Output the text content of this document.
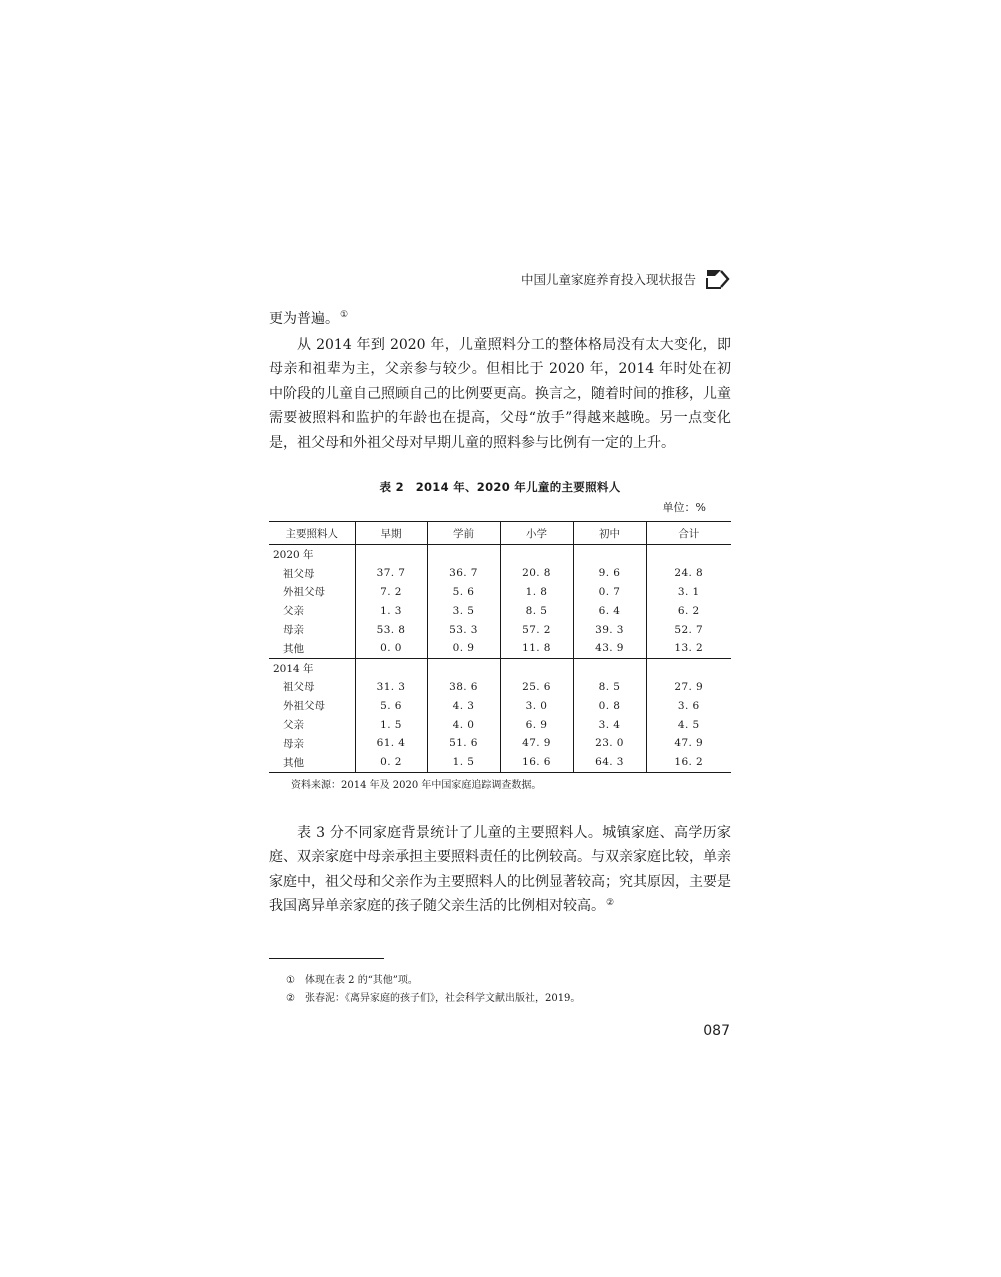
中国儿童家庭养育投入现状报告

更为普遍。①

从 2014 年到 2020 年，儿童照料分工的整体格局没有太大变化，即母亲和祖辈为主，父亲参与较少。但相比于 2020 年，2014 年时处在初中阶段的儿童自己照顾自己的比例要更高。换言之，随着时间的推移，儿童需要被照料和监护的年龄也在提高，父母“放手”得越来越晚。另一点变化是，祖父母和外祖父母对早期儿童的照料参与比例有一定的上升。

表 2　2014 年、2020 年儿童的主要照料人
单位：%
主要照料人	早期	学前	小学	初中	合计
2020 年					
祖父母	37. 7	36. 7	20. 8	9. 6	24. 8
外祖父母	7. 2	5. 6	1. 8	0. 7	3. 1
父亲	1. 3	3. 5	8. 5	6. 4	6. 2
母亲	53. 8	53. 3	57. 2	39. 3	52. 7
其他	0. 0	0. 9	11. 8	43. 9	13. 2
2014 年					
祖父母	31. 3	38. 6	25. 6	8. 5	27. 9
外祖父母	5. 6	4. 3	3. 0	0. 8	3. 6
父亲	1. 5	4. 0	6. 9	3. 4	4. 5
母亲	61. 4	51. 6	47. 9	23. 0	47. 9
其他	0. 2	1. 5	16. 6	64. 3	16. 2
资料来源：2014 年及 2020 年中国家庭追踪调查数据。

表 3 分不同家庭背景统计了儿童的主要照料人。城镇家庭、高学历家庭、双亲家庭中母亲承担主要照料责任的比例较高。与双亲家庭比较，单亲家庭中，祖父母和父亲作为主要照料人的比例显著较高；究其原因，主要是我国离异单亲家庭的孩子随父亲生活的比例相对较高。②

① 体现在表 2 的“其他”项。
② 张春泥：《离异家庭的孩子们》，社会科学文献出版社，2019。
087
